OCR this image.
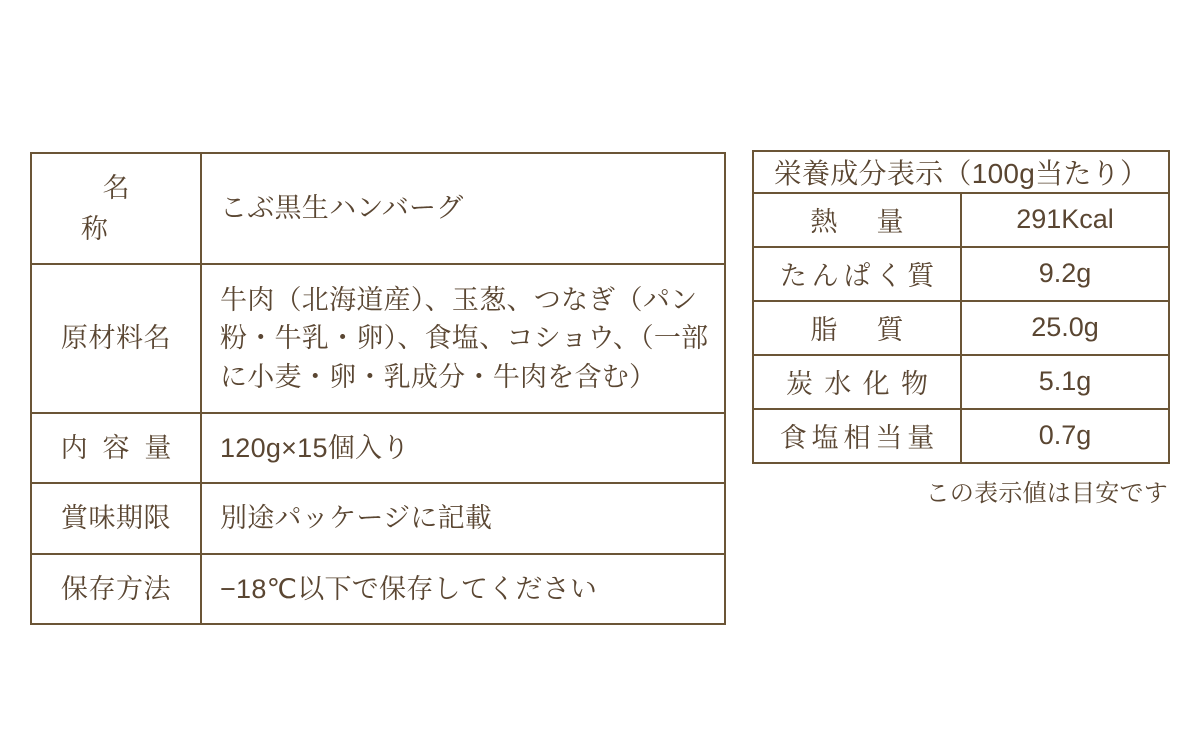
名称	こぶ黒生ハンバーグ
原材料名	牛肉（北海道産）、玉葱、つなぎ（パン粉・牛乳・卵）、食塩、コショウ、（一部に小麦・卵・乳成分・牛肉を含む）
内容量	120g×15個入り
賞味期限	別途パッケージに記載
保存方法	−18℃以下で保存してください
栄養成分表示（100g当たり）	
熱量	291Kcal
たんぱく質	9.2g
脂質	25.0g
炭水化物	5.1g
食塩相当量	0.7g
この表示値は目安です
